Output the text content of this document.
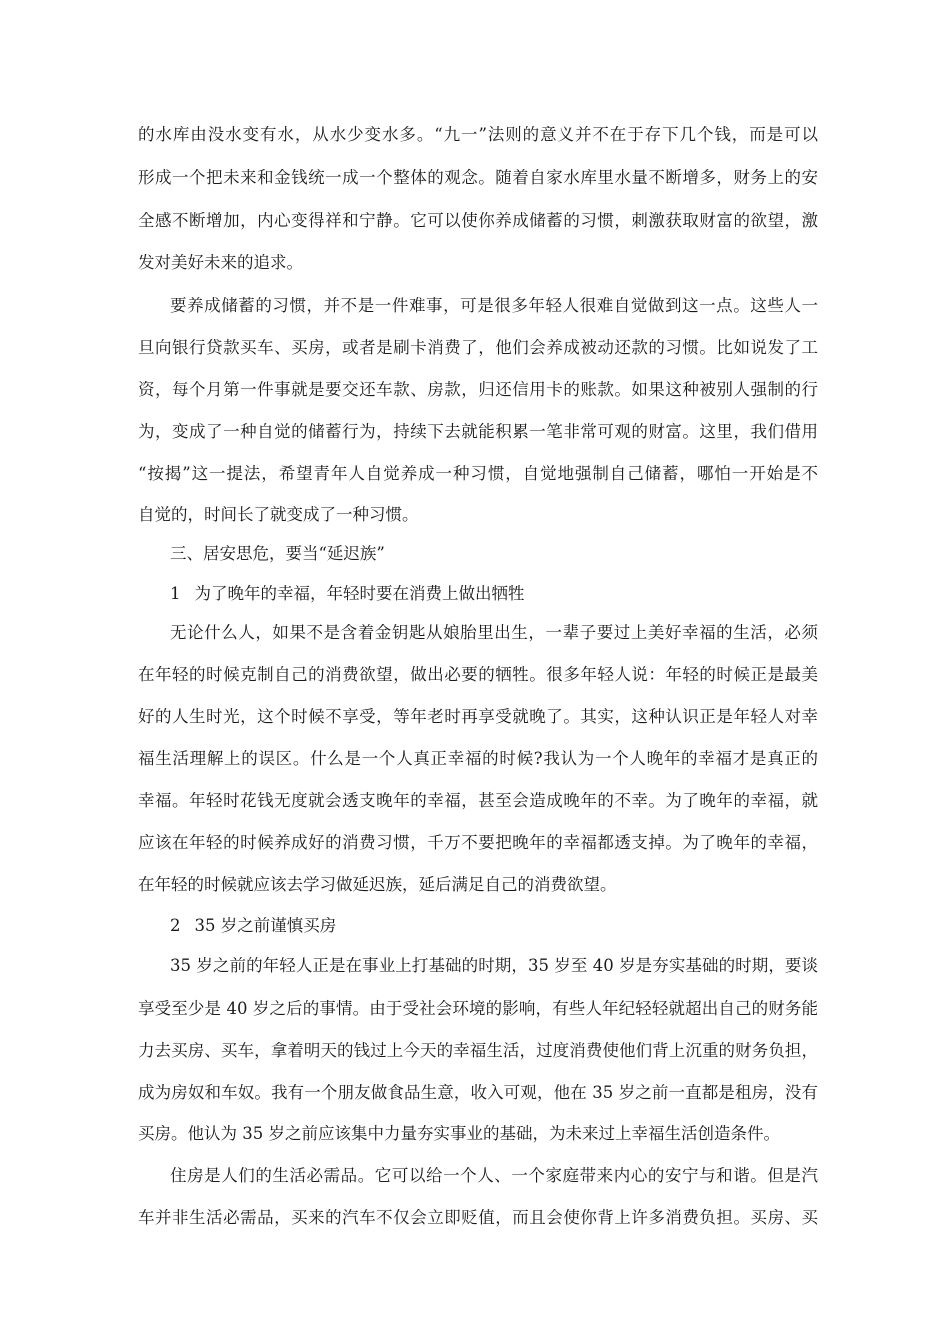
的水库由没水变有水，从水少变水多。“九一”法则的意义并不在于存下几个钱，而是可以
形成一个把未来和金钱统一成一个整体的观念。随着自家水库里水量不断增多，财务上的安
全感不断增加，内心变得祥和宁静。它可以使你养成储蓄的习惯，刺激获取财富的欲望，激
发对美好未来的追求。
要养成储蓄的习惯，并不是一件难事，可是很多年轻人很难自觉做到这一点。这些人一
旦向银行贷款买车、买房，或者是刷卡消费了，他们会养成被动还款的习惯。比如说发了工
资，每个月第一件事就是要交还车款、房款，归还信用卡的账款。如果这种被别人强制的行
为，变成了一种自觉的储蓄行为，持续下去就能积累一笔非常可观的财富。这里，我们借用
“按揭”这一提法，希望青年人自觉养成一种习惯，自觉地强制自己储蓄，哪怕一开始是不
自觉的，时间长了就变成了一种习惯。
三、居安思危，要当“延迟族”
1 为了晚年的幸福，年轻时要在消费上做出牺牲
无论什么人，如果不是含着金钥匙从娘胎里出生，一辈子要过上美好幸福的生活，必须
在年轻的时候克制自己的消费欲望，做出必要的牺牲。很多年轻人说：年轻的时候正是最美
好的人生时光，这个时候不享受，等年老时再享受就晚了。其实，这种认识正是年轻人对幸
福生活理解上的误区。什么是一个人真正幸福的时候?我认为一个人晚年的幸福才是真正的
幸福。年轻时花钱无度就会透支晚年的幸福，甚至会造成晚年的不幸。为了晚年的幸福，就
应该在年轻的时候养成好的消费习惯，千万不要把晚年的幸福都透支掉。为了晚年的幸福，
在年轻的时候就应该去学习做延迟族，延后满足自己的消费欲望。
2 35 岁之前谨慎买房
35 岁之前的年轻人正是在事业上打基础的时期，35 岁至 40 岁是夯实基础的时期，要谈
享受至少是 40 岁之后的事情。由于受社会环境的影响，有些人年纪轻轻就超出自己的财务能
力去买房、买车，拿着明天的钱过上今天的幸福生活，过度消费使他们背上沉重的财务负担，
成为房奴和车奴。我有一个朋友做食品生意，收入可观，他在 35 岁之前一直都是租房，没有
买房。他认为 35 岁之前应该集中力量夯实事业的基础，为未来过上幸福生活创造条件。
住房是人们的生活必需品。它可以给一个人、一个家庭带来内心的安宁与和谐。但是汽
车并非生活必需品，买来的汽车不仅会立即贬值，而且会使你背上许多消费负担。买房、买
